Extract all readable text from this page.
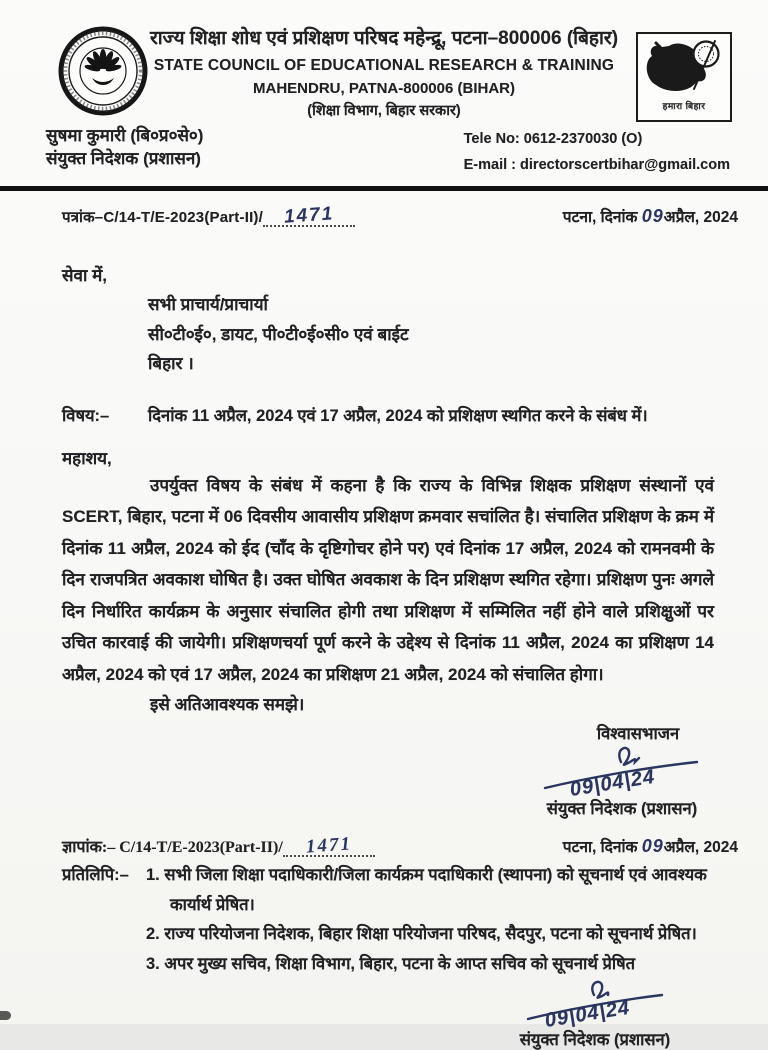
राज्य शिक्षा शोध एवं प्रशिक्षण परिषद महेन्द्रू, पटना–800006 (बिहार)
STATE COUNCIL OF EDUCATIONAL RESEARCH & TRAINING
MAHENDRU, PATNA-800006 (BIHAR)
(शिक्षा विभाग, बिहार सरकार)	हमारा बिहार
सुषमा कुमारी (बि०प्र०से०)
संयुक्त निदेशक (प्रशासन)
Tele No: 0612-2370030 (O)
E-mail : directorscertbihar@gmail.com
पत्रांक–C/14-T/E-2023(Part-II)/ 1471	पटना, दिनांक 09अप्रैल, 2024
सेवा में,
सभी प्राचार्य/प्राचार्या
सी०टी०ई०, डायट, पी०टी०ई०सी० एवं बाईट
बिहार ।
विषय:–	दिनांक 11 अप्रैल, 2024 एवं 17 अप्रैल, 2024 को प्रशिक्षण स्थगित करने के संबंध में।
महाशय,
उपर्युक्त विषय के संबंध में कहना है कि राज्य के विभिन्न शिक्षक प्रशिक्षण संस्थानों एवं SCERT, बिहार, पटना में 06 दिवसीय आवासीय प्रशिक्षण क्रमवार सचांलित है। संचालित प्रशिक्षण के क्रम में दिनांक 11 अप्रैल, 2024 को ईद (चाँद के दृष्टिगोचर होने पर) एवं दिनांक 17 अप्रैल, 2024 को रामनवमी के दिन राजपत्रित अवकाश घोषित है। उक्त घोषित अवकाश के दिन प्रशिक्षण स्थगित रहेगा। प्रशिक्षण पुनः अगले दिन निर्धारित कार्यक्रम के अनुसार संचालित होगी तथा प्रशिक्षण में सम्मिलित नहीं होने वाले प्रशिक्षुओं पर उचित कारवाई की जायेगी। प्रशिक्षणचर्या पूर्ण करने के उद्देश्य से दिनांक 11 अप्रैल, 2024 का प्रशिक्षण 14 अप्रैल, 2024 को एवं 17 अप्रैल, 2024 का प्रशिक्षण 21 अप्रैल, 2024 को संचालित होगा।
इसे अतिआवश्यक समझे।
विश्वासभाजन
09|04|24
संयुक्त निदेशक (प्रशासन)
ज्ञापांक:– C/14-T/E-2023(Part-II)/ 1471	पटना, दिनांक 09अप्रैल, 2024
प्रतिलिपि:–	1. सभी जिला शिक्षा पदाधिकारी/जिला कार्यक्रम पदाधिकारी (स्थापना) को सूचनार्थ एवं आवश्यक कार्यार्थ प्रेषित।
2. राज्य परियोजना निदेशक, बिहार शिक्षा परियोजना परिषद, सैदपुर, पटना को सूचनार्थ प्रेषित।
3. अपर मुख्य सचिव, शिक्षा विभाग, बिहार, पटना के आप्त सचिव को सूचनार्थ प्रेषित
09|04|24
संयुक्त निदेशक (प्रशासन)
